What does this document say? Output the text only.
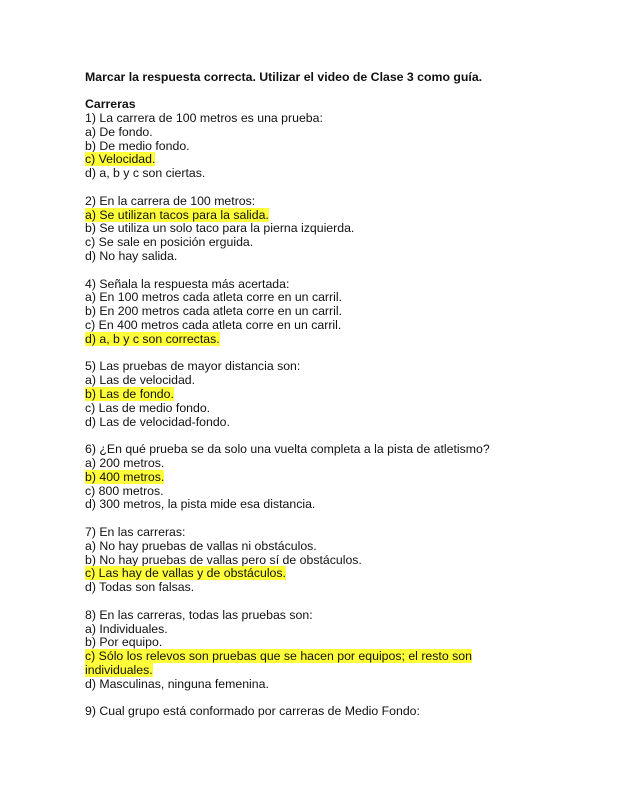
Marcar la respuesta correcta. Utilizar el video de Clase 3 como guía.
Carreras
1) La carrera de 100 metros es una prueba:
a) De fondo.
b) De medio fondo.
c) Velocidad.
d) a, b y c son ciertas.
2) En la carrera de 100 metros:
a) Se utilizan tacos para la salida.
b) Se utiliza un solo taco para la pierna izquierda.
c) Se sale en posición erguida.
d) No hay salida.
4) Señala la respuesta más acertada:
a) En 100 metros cada atleta corre en un carril.
b) En 200 metros cada atleta corre en un carril.
c) En 400 metros cada atleta corre en un carril.
d) a, b y c son correctas.
5) Las pruebas de mayor distancia son:
a) Las de velocidad.
b) Las de fondo.
c) Las de medio fondo.
d) Las de velocidad-fondo.
6) ¿En qué prueba se da solo una vuelta completa a la pista de atletismo?
a) 200 metros.
b) 400 metros.
c) 800 metros.
d) 300 metros, la pista mide esa distancia.
7) En las carreras:
a) No hay pruebas de vallas ni obstáculos.
b) No hay pruebas de vallas pero sí de obstáculos.
c) Las hay de vallas y de obstáculos.
d) Todas son falsas.
8) En las carreras, todas las pruebas son:
a) Individuales.
b) Por equipo.
c) Sólo los relevos son pruebas que se hacen por equipos; el resto son individuales.
d) Masculinas, ninguna femenina.
9) Cual grupo está conformado por carreras de Medio Fondo:
